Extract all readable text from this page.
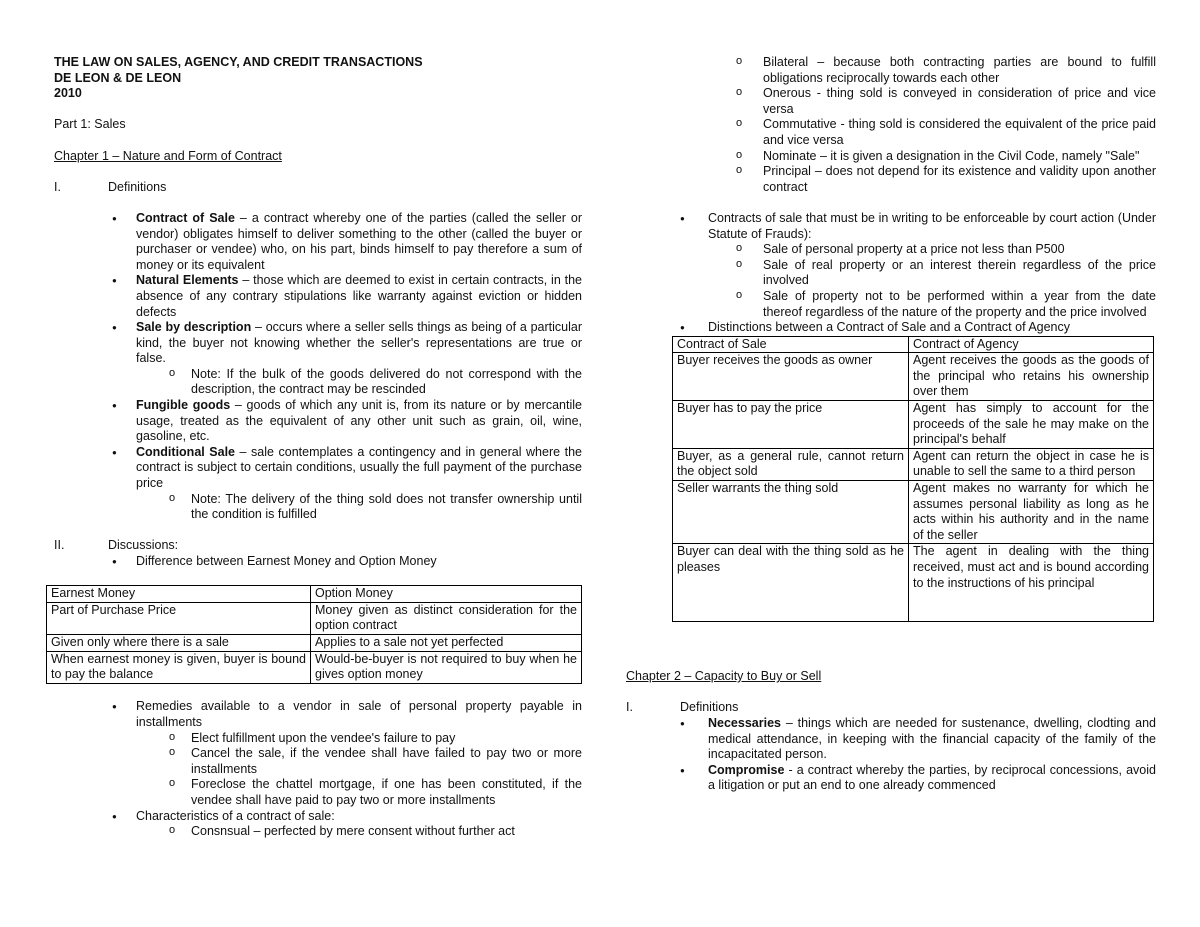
THE LAW ON SALES, AGENCY, AND CREDIT TRANSACTIONS

DE LEON & DE LEON

2010

Part 1: Sales

Chapter 1 – Nature and Form of Contract

I.	Definitions
● Contract of Sale – a contract whereby one of the parties (called the seller or vendor) obligates himself to deliver something to the other (called the buyer or purchaser or vendee) who, on his part, binds himself to pay therefore a sum of money or its equivalent
● Natural Elements – those which are deemed to exist in certain contracts, in the absence of any contrary stipulations like warranty against eviction or hidden defects
● Sale by description – occurs where a seller sells things as being of a particular kind, the buyer not knowing whether the seller's representations are true or false.
o Note: If the bulk of the goods delivered do not correspond with the description, the contract may be rescinded
● Fungible goods – goods of which any unit is, from its nature or by mercantile usage, treated as the equivalent of any other unit such as grain, oil, wine, gasoline, etc.
● Conditional Sale – sale contemplates a contingency and in general where the contract is subject to certain conditions, usually the full payment of the purchase price
o Note: The delivery of the thing sold does not transfer ownership until the condition is fulfilled
II.	Discussions:
● Difference between Earnest Money and Option Money
Earnest Money	Option Money
Part of Purchase Price	Money given as distinct consideration for the option contract
Given only where there is a sale	Applies to a sale not yet perfected
When earnest money is given, buyer is bound to pay the balance	Would-be-buyer is not required to buy when he gives option money
● Remedies available to a vendor in sale of personal property payable in installments
o Elect fulfillment upon the vendee's failure to pay
o Cancel the sale, if the vendee shall have failed to pay two or more installments
o Foreclose the chattel mortgage, if one has been constituted, if the vendee shall have paid to pay two or more installments
● Characteristics of a contract of sale:
o Consnsual – perfected by mere consent without further act
o Bilateral – because both contracting parties are bound to fulfill obligations reciprocally towards each other
o Onerous - thing sold is conveyed in consideration of price and vice versa
o Commutative - thing sold is considered the equivalent of the price paid and vice versa
o Nominate – it is given a designation in the Civil Code, namely "Sale"
o Principal – does not depend for its existence and validity upon another contract
● Contracts of sale that must be in writing to be enforceable by court action (Under Statute of Frauds):
o Sale of personal property at a price not less than P500
o Sale of real property or an interest therein regardless of the price involved
o Sale of property not to be performed within a year from the date thereof regardless of the nature of the property and the price involved
● Distinctions between a Contract of Sale and a Contract of Agency
Contract of Sale	Contract of Agency
Buyer receives the goods as owner	Agent receives the goods as the goods of the principal who retains his ownership over them
Buyer has to pay the price	Agent has simply to account for the proceeds of the sale he may make on the principal's behalf
Buyer, as a general rule, cannot return the object sold	Agent can return the object in case he is unable to sell the same to a third person
Seller warrants the thing sold	Agent makes no warranty for which he assumes personal liability as long as he acts within his authority and in the name of the seller
Buyer can deal with the thing sold as he pleases	The agent in dealing with the thing received, must act and is bound according to the instructions of his principal

Chapter 2 – Capacity to Buy or Sell

I.	Definitions
● Necessaries – things which are needed for sustenance, dwelling, clodting and medical attendance, in keeping with the financial capacity of the family of the incapacitated person.
● Compromise - a contract whereby the parties, by reciprocal concessions, avoid a litigation or put an end to one already commenced
